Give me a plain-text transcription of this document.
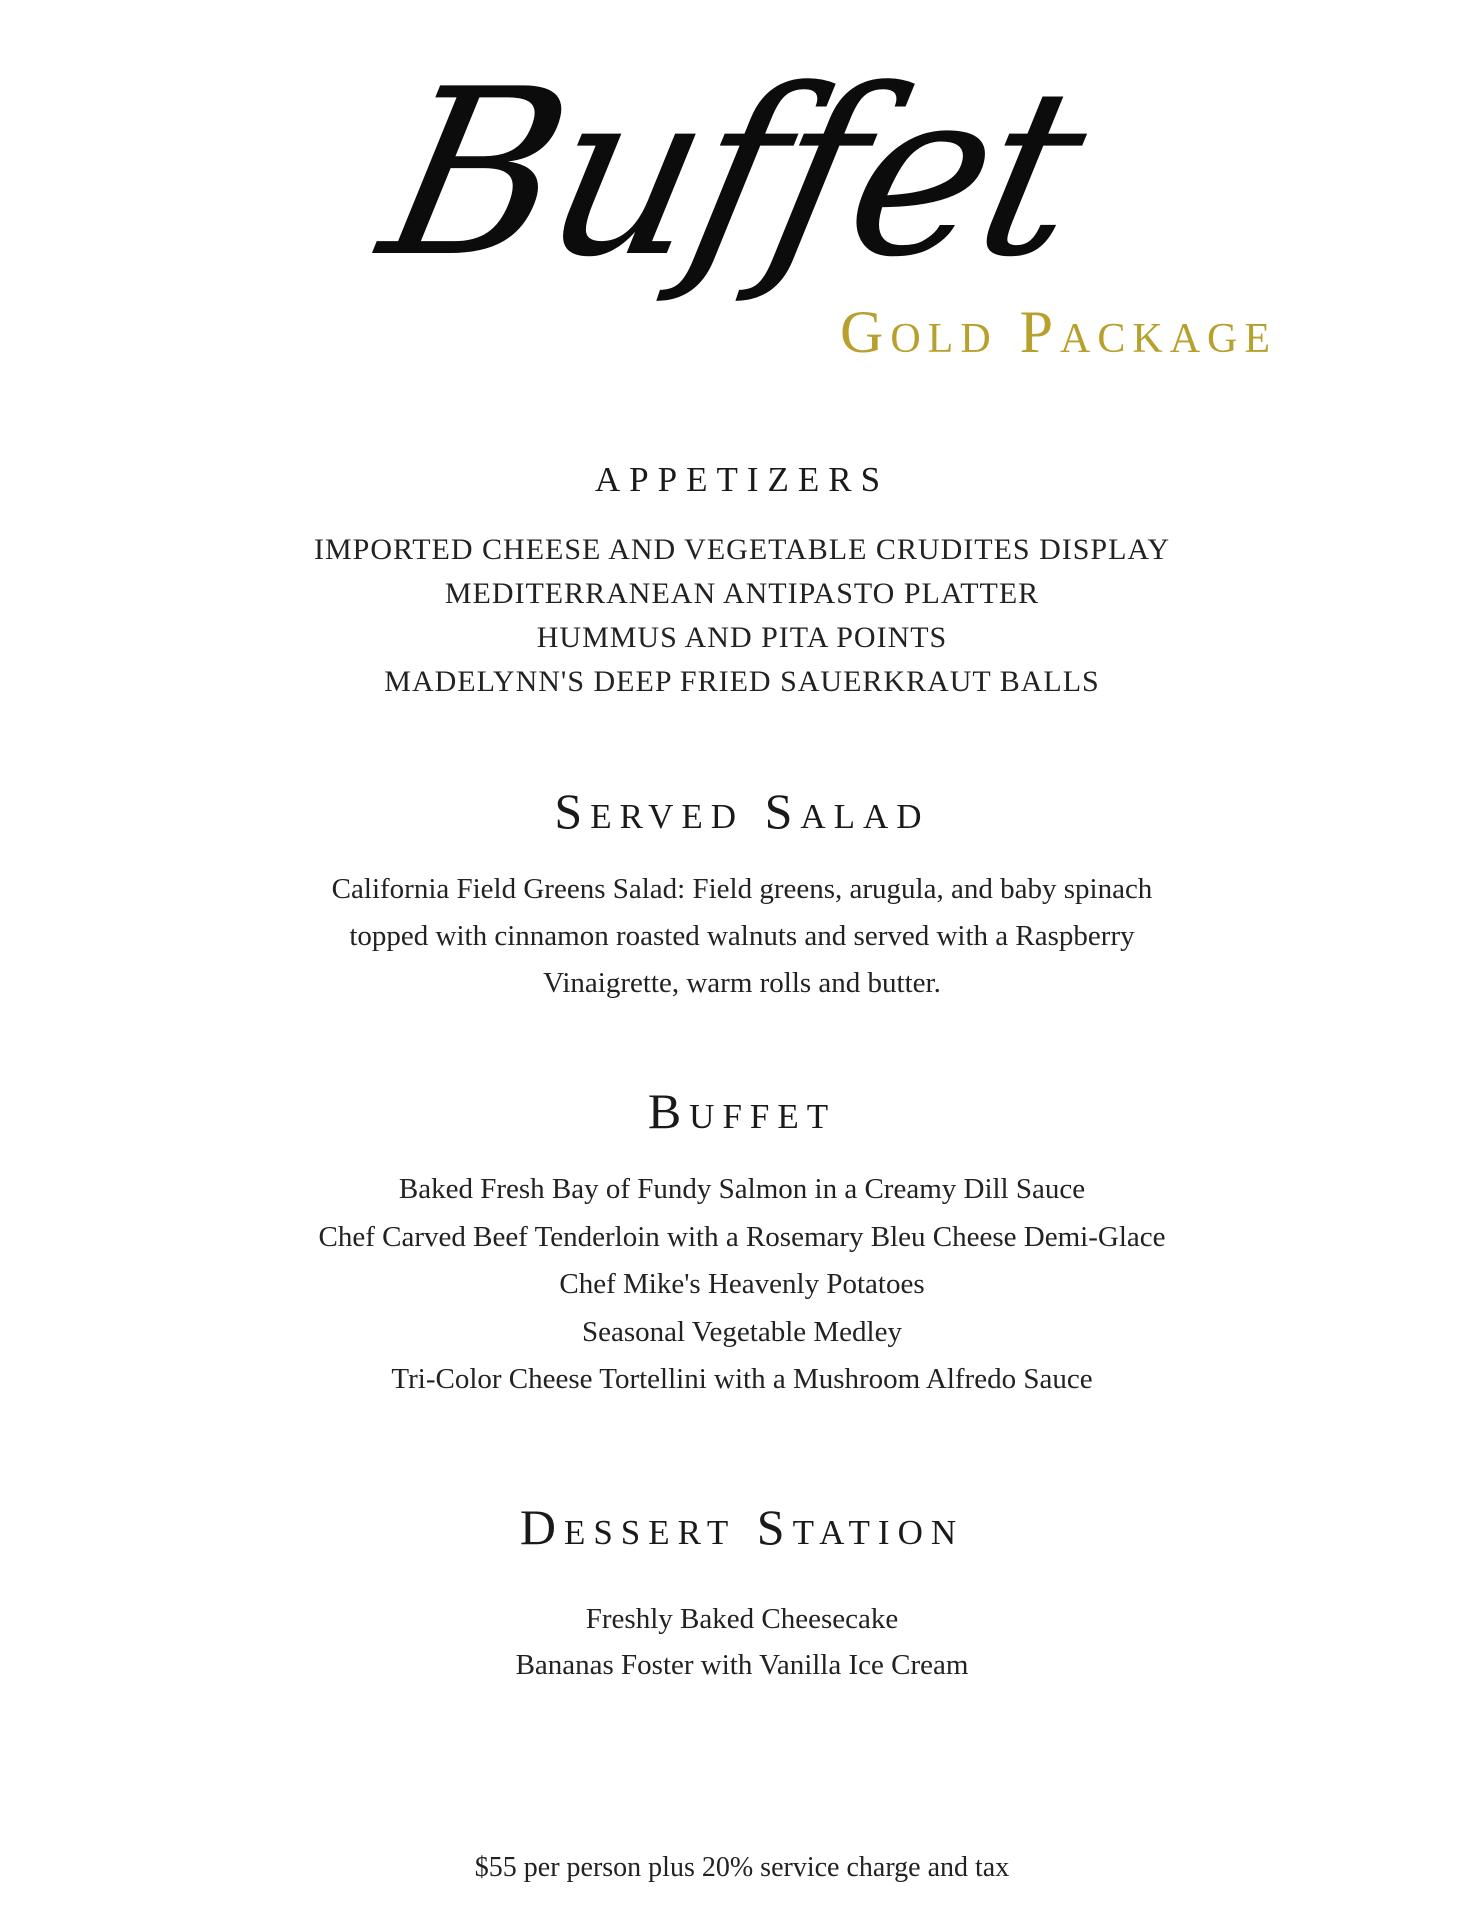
Buffet
Gold Package
appetizers
IMPORTED CHEESE AND VEGETABLE CRUDITES DISPLAY
MEDITERRANEAN ANTIPASTO PLATTER
HUMMUS AND PITA POINTS
MADELYNN'S DEEP FRIED SAUERKRAUT BALLS
Served Salad
California Field Greens Salad: Field greens, arugula, and baby spinach
topped with cinnamon roasted walnuts and served with a Raspberry
Vinaigrette, warm rolls and butter.
Buffet
Baked Fresh Bay of Fundy Salmon in a Creamy Dill Sauce
Chef Carved Beef Tenderloin with a Rosemary Bleu Cheese Demi-Glace
Chef Mike's Heavenly Potatoes
Seasonal Vegetable Medley
Tri-Color Cheese Tortellini with a Mushroom Alfredo Sauce
Dessert Station
Freshly Baked Cheesecake
Bananas Foster with Vanilla Ice Cream
$55 per person plus 20% service charge and tax
